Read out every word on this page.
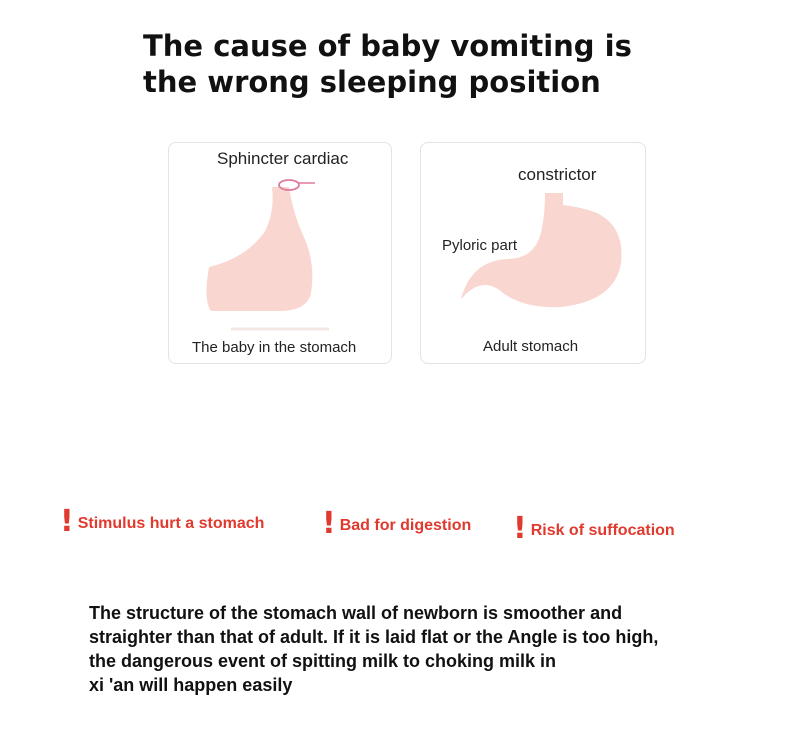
The cause of baby vomiting is
the wrong sleeping position
Sphincter cardiac
The baby in the stomach
constrictor
Pyloric part
Adult stomach
! Stimulus hurt a stomach ! Bad for digestion ! Risk of suffocation
The structure of the stomach wall of newborn is smoother and
straighter than that of adult. If it is laid flat or the Angle is too high,
the dangerous event of spitting milk to choking milk in
xi 'an will happen easily
